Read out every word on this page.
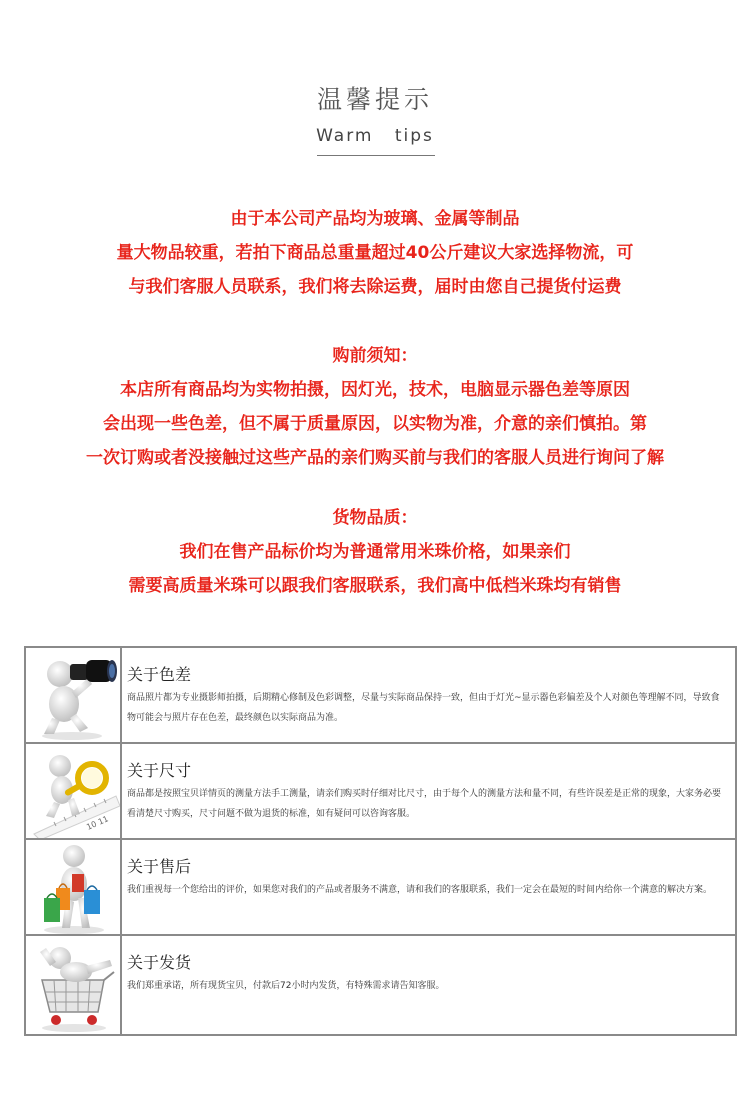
温馨提示
Warm tips
由于本公司产品均为玻璃、金属等制品
量大物品较重，若拍下商品总重量超过40公斤建议大家选择物流，可
与我们客服人员联系，我们将去除运费，届时由您自己提货付运费
购前须知：
本店所有商品均为实物拍摄，因灯光，技术，电脑显示器色差等原因
会出现一些色差，但不属于质量原因，以实物为准，介意的亲们慎拍。第
一次订购或者没接触过这些产品的亲们购买前与我们的客服人员进行询问了解
货物品质：
我们在售产品标价均为普通常用米珠价格，如果亲们
需要高质量米珠可以跟我们客服联系，我们高中低档米珠均有销售
关于色差
商品照片都为专业摄影师拍摄，后期精心修制及色彩调整，尽量与实际商品保持一致，但由于灯光~显示器色彩偏差及个人对颜色等理解不同，导致食物可能会与照片存在色差，最终颜色以实际商品为准。
10 11
关于尺寸
商品都是按照宝贝详情页的测量方法手工测量，请亲们购买时仔细对比尺寸，由于每个人的测量方法和量不同，有些许误差是正常的现象，大家务必要看清楚尺寸购买，尺寸问题不做为退货的标准，如有疑问可以咨询客服。
关于售后
我们重视每一个您给出的评价，如果您对我们的产品或者服务不满意，请和我们的客服联系，我们一定会在最短的时间内给你一个满意的解决方案。
关于发货
我们郑重承诺，所有现货宝贝，付款后72小时内发货，有特殊需求请告知客服。
